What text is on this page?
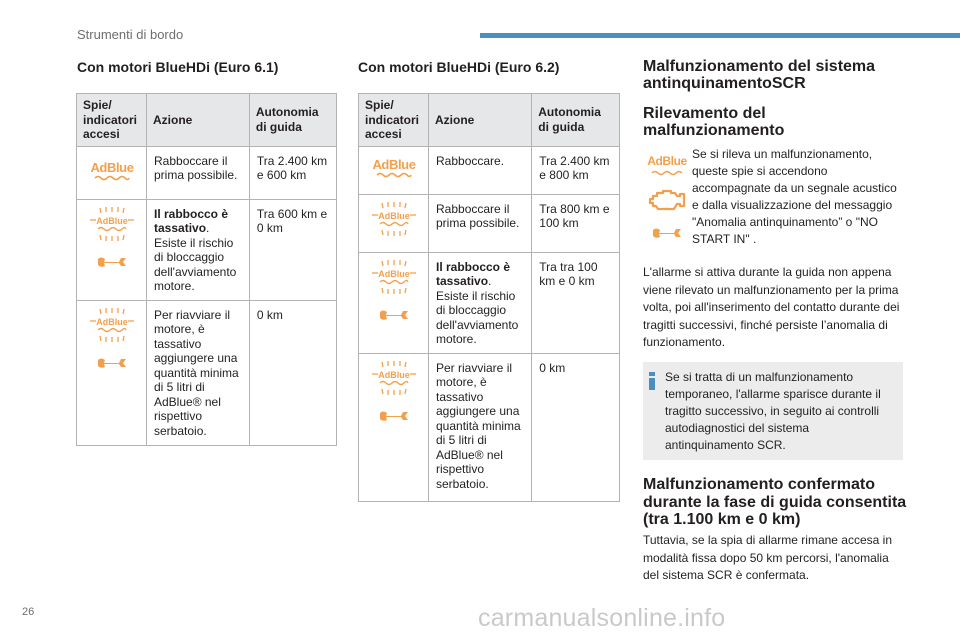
Strumenti di bordo
Con motori BlueHDi (Euro 6.1)
Spie/ indicatori accesi	Azione	Autonomia di guida

AdBlue	Rabboccare il prima possibile.	Tra 2.400 km e 600 km

AdBlue	Il rabbocco è tassativo. Esiste il rischio di bloccaggio dell'avviamento motore.	Tra 600 km e 0 km

AdBlue	Per riavviare il motore, è tassativo aggiungere una quantità minima di 5 litri di AdBlue® nel rispettivo serbatoio.	0 km
Con motori BlueHDi (Euro 6.2)
Spie/ indicatori accesi	Azione	Autonomia di guida

AdBlue	Rabboccare.	Tra 2.400 km e 800 km

AdBlue	Rabboccare il prima possibile.	Tra 800 km e 100 km

AdBlue	Il rabbocco è tassativo. Esiste il rischio di bloccaggio dell'avviamento motore.	Tra tra 100 km e 0 km

AdBlue	Per riavviare il motore, è tassativo aggiungere una quantità minima di 5 litri di AdBlue® nel rispettivo serbatoio.	0 km
Malfunzionamento del sistema antinquinamentoSCR
Rilevamento del malfunzionamento
AdBlue Se si rileva un malfunzionamento, queste spie si accendono accompagnate da un segnale acustico e dalla visualizzazione del messaggio "Anomalia antinquinamento” o "NO START IN" .
L'allarme si attiva durante la guida non appena viene rilevato un malfunzionamento per la prima volta, poi all'inserimento del contatto durante dei tragitti successivi, finché persiste l’anomalia di funzionamento.
Se si tratta di un malfunzionamento temporaneo, l'allarme sparisce durante il tragitto successivo, in seguito ai controlli autodiagnostici del sistema antinquinamento SCR.
Malfunzionamento confermato durante la fase di guida consentita (tra 1.100 km e 0 km)
Tuttavia, se la spia di allarme rimane accesa in modalità fissa dopo 50 km percorsi, l'anomalia del sistema SCR è confermata.
26	carmanualsonline.info
